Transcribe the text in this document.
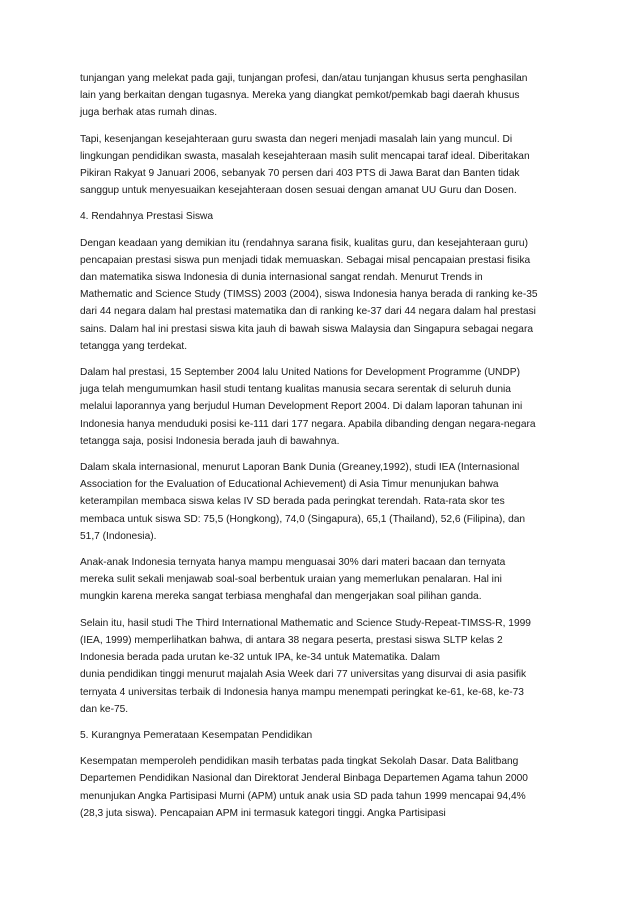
tunjangan yang melekat pada gaji, tunjangan profesi, dan/atau tunjangan khusus serta penghasilan
lain yang berkaitan dengan tugasnya. Mereka yang diangkat pemkot/pemkab bagi daerah khusus
juga berhak atas rumah dinas.

Tapi, kesenjangan kesejahteraan guru swasta dan negeri menjadi masalah lain yang muncul. Di
lingkungan pendidikan swasta, masalah kesejahteraan masih sulit mencapai taraf ideal. Diberitakan
Pikiran Rakyat 9 Januari 2006, sebanyak 70 persen dari 403 PTS di Jawa Barat dan Banten tidak
sanggup untuk menyesuaikan kesejahteraan dosen sesuai dengan amanat UU Guru dan Dosen.

4. Rendahnya Prestasi Siswa

Dengan keadaan yang demikian itu (rendahnya sarana fisik, kualitas guru, dan kesejahteraan guru)
pencapaian prestasi siswa pun menjadi tidak memuaskan. Sebagai misal pencapaian prestasi fisika
dan matematika siswa Indonesia di dunia internasional sangat rendah. Menurut Trends in
Mathematic and Science Study (TIMSS) 2003 (2004), siswa Indonesia hanya berada di ranking ke-35
dari 44 negara dalam hal prestasi matematika dan di ranking ke-37 dari 44 negara dalam hal prestasi
sains. Dalam hal ini prestasi siswa kita jauh di bawah siswa Malaysia dan Singapura sebagai negara
tetangga yang terdekat.

Dalam hal prestasi, 15 September 2004 lalu United Nations for Development Programme (UNDP)
juga telah mengumumkan hasil studi tentang kualitas manusia secara serentak di seluruh dunia
melalui laporannya yang berjudul Human Development Report 2004. Di dalam laporan tahunan ini
Indonesia hanya menduduki posisi ke-111 dari 177 negara. Apabila dibanding dengan negara-negara
tetangga saja, posisi Indonesia berada jauh di bawahnya.

Dalam skala internasional, menurut Laporan Bank Dunia (Greaney,1992), studi IEA (Internasional
Association for the Evaluation of Educational Achievement) di Asia Timur menunjukan bahwa
keterampilan membaca siswa kelas IV SD berada pada peringkat terendah. Rata-rata skor tes
membaca untuk siswa SD: 75,5 (Hongkong), 74,0 (Singapura), 65,1 (Thailand), 52,6 (Filipina), dan
51,7 (Indonesia).

Anak-anak Indonesia ternyata hanya mampu menguasai 30% dari materi bacaan dan ternyata
mereka sulit sekali menjawab soal-soal berbentuk uraian yang memerlukan penalaran. Hal ini
mungkin karena mereka sangat terbiasa menghafal dan mengerjakan soal pilihan ganda.

Selain itu, hasil studi The Third International Mathematic and Science Study-Repeat-TIMSS-R, 1999
(IEA, 1999) memperlihatkan bahwa, di antara 38 negara peserta, prestasi siswa SLTP kelas 2
Indonesia berada pada urutan ke-32 untuk IPA, ke-34 untuk Matematika. Dalam
dunia pendidikan tinggi menurut majalah Asia Week dari 77 universitas yang disurvai di asia pasifik
ternyata 4 universitas terbaik di Indonesia hanya mampu menempati peringkat ke-61, ke-68, ke-73
dan ke-75.

5. Kurangnya Pemerataan Kesempatan Pendidikan

Kesempatan memperoleh pendidikan masih terbatas pada tingkat Sekolah Dasar. Data Balitbang
Departemen Pendidikan Nasional dan Direktorat Jenderal Binbaga Departemen Agama tahun 2000
menunjukan Angka Partisipasi Murni (APM) untuk anak usia SD pada tahun 1999 mencapai 94,4%
(28,3 juta siswa). Pencapaian APM ini termasuk kategori tinggi. Angka Partisipasi
